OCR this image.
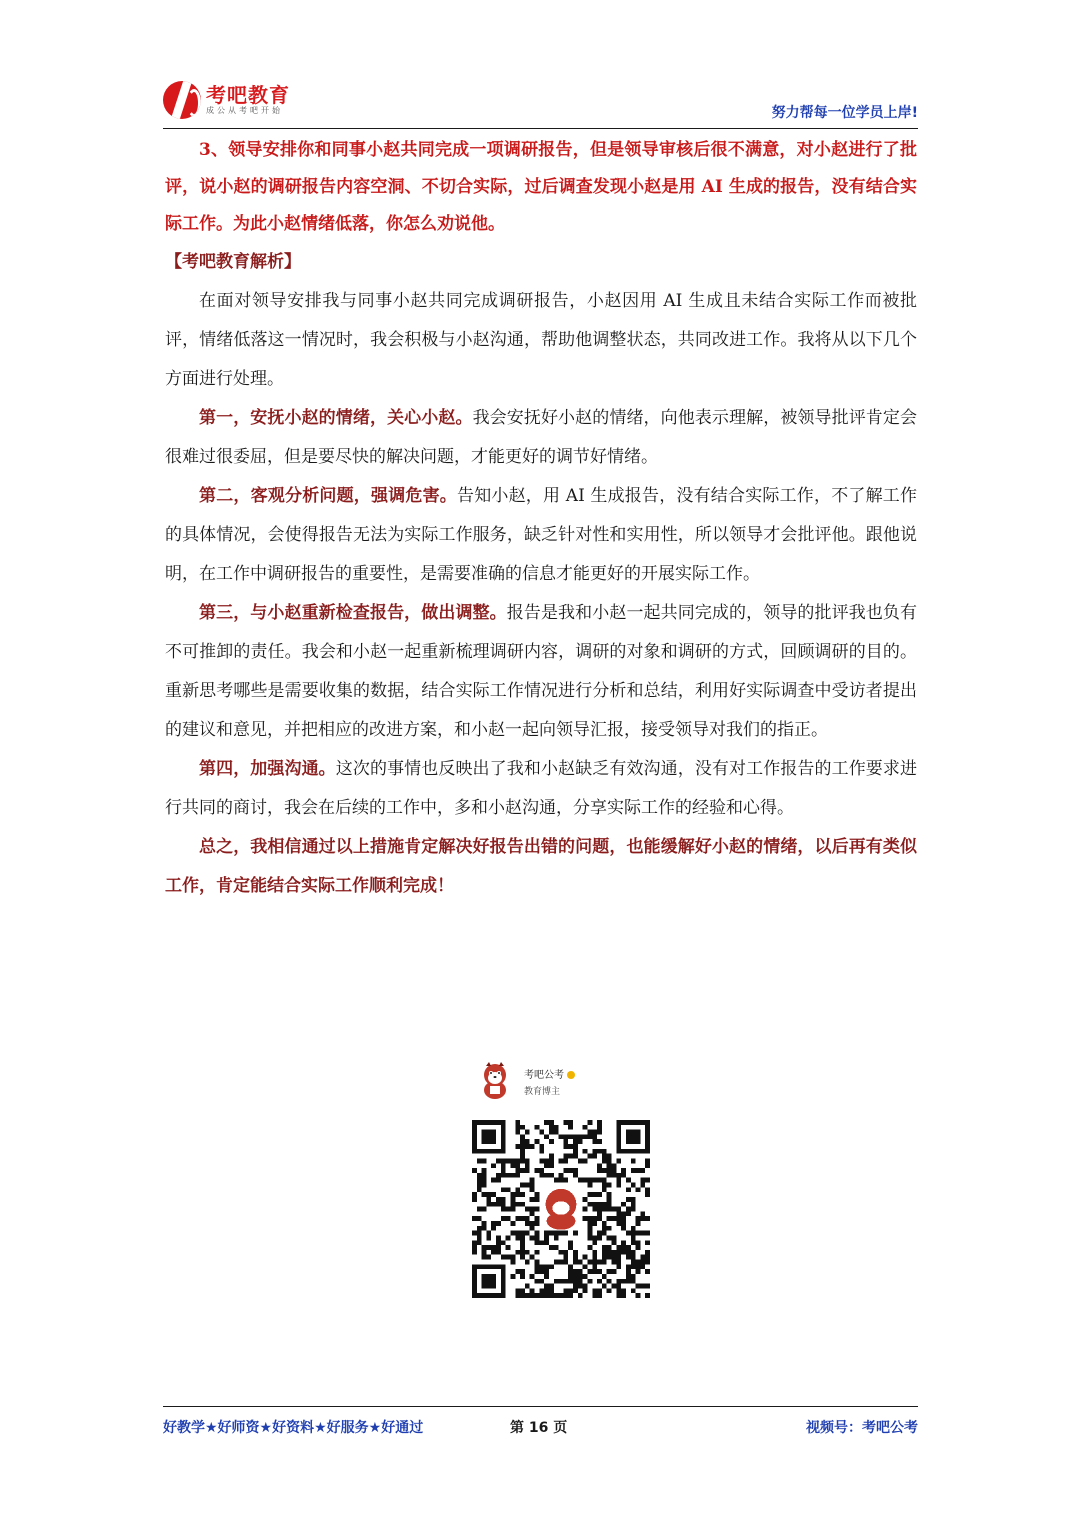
考吧教育
成公从考吧开始	努力帮每一位学员上岸!

3、领导安排你和同事小赵共同完成一项调研报告，但是领导审核后很不满意，对小赵进行了批评，说小赵的调研报告内容空洞、不切合实际，过后调查发现小赵是用 AI 生成的报告，没有结合实际工作。为此小赵情绪低落，你怎么劝说他。

【考吧教育解析】

在面对领导安排我与同事小赵共同完成调研报告，小赵因用 AI 生成且未结合实际工作而被批评，情绪低落这一情况时，我会积极与小赵沟通，帮助他调整状态，共同改进工作。我将从以下几个方面进行处理。

第一，安抚小赵的情绪，关心小赵。我会安抚好小赵的情绪，向他表示理解，被领导批评肯定会很难过很委屈，但是要尽快的解决问题，才能更好的调节好情绪。

第二，客观分析问题，强调危害。告知小赵，用 AI 生成报告，没有结合实际工作，不了解工作的具体情况，会使得报告无法为实际工作服务，缺乏针对性和实用性，所以领导才会批评他。跟他说明，在工作中调研报告的重要性，是需要准确的信息才能更好的开展实际工作。

第三，与小赵重新检查报告，做出调整。报告是我和小赵一起共同完成的，领导的批评我也负有不可推卸的责任。我会和小赵一起重新梳理调研内容，调研的对象和调研的方式，回顾调研的目的。重新思考哪些是需要收集的数据，结合实际工作情况进行分析和总结，利用好实际调查中受访者提出的建议和意见，并把相应的改进方案，和小赵一起向领导汇报，接受领导对我们的指正。

第四，加强沟通。这次的事情也反映出了我和小赵缺乏有效沟通，没有对工作报告的工作要求进行共同的商讨，我会在后续的工作中，多和小赵沟通，分享实际工作的经验和心得。

总之，我相信通过以上措施肯定解决好报告出错的问题，也能缓解好小赵的情绪，以后再有类似工作，肯定能结合实际工作顺利完成！

考吧公考
教育博主
好教学★好师资★好资料★好服务★好通过	第 16 页	视频号：考吧公考
